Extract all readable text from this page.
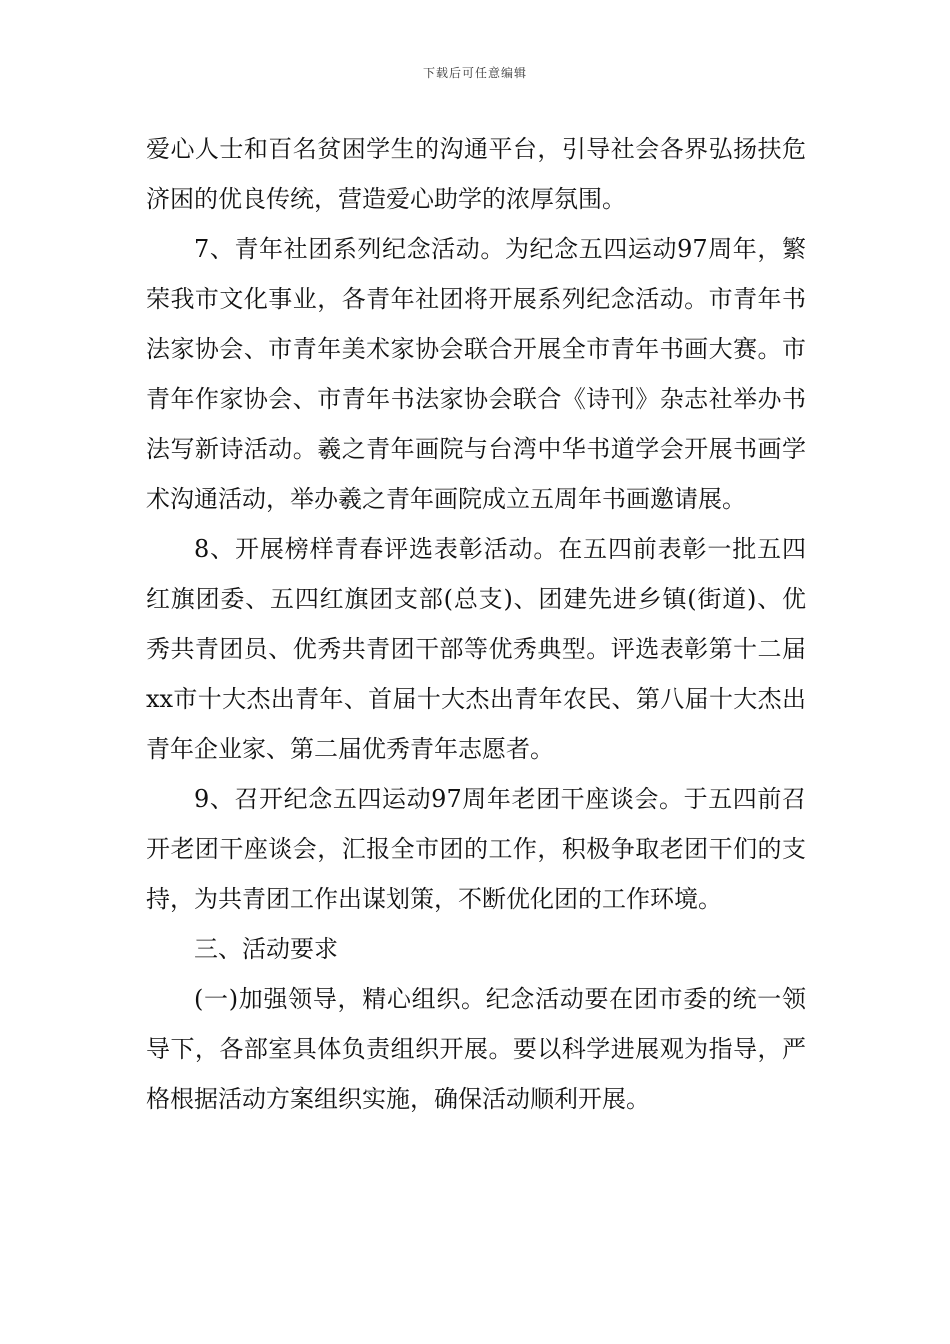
下载后可任意编辑

爱心人士和百名贫困学生的沟通平台，引导社会各界弘扬扶危济困的优良传统，营造爱心助学的浓厚氛围。

7、青年社团系列纪念活动。为纪念五四运动97周年，繁荣我市文化事业，各青年社团将开展系列纪念活动。市青年书法家协会、市青年美术家协会联合开展全市青年书画大赛。市青年作家协会、市青年书法家协会联合《诗刊》杂志社举办书法写新诗活动。羲之青年画院与台湾中华书道学会开展书画学术沟通活动，举办羲之青年画院成立五周年书画邀请展。

8、开展榜样青春评选表彰活动。在五四前表彰一批五四红旗团委、五四红旗团支部(总支)、团建先进乡镇(街道)、优秀共青团员、优秀共青团干部等优秀典型。评选表彰第十二届xx市十大杰出青年、首届十大杰出青年农民、第八届十大杰出青年企业家、第二届优秀青年志愿者。

9、召开纪念五四运动97周年老团干座谈会。于五四前召开老团干座谈会，汇报全市团的工作，积极争取老团干们的支持，为共青团工作出谋划策，不断优化团的工作环境。

三、活动要求

(一)加强领导，精心组织。纪念活动要在团市委的统一领导下，各部室具体负责组织开展。要以科学进展观为指导，严格根据活动方案组织实施，确保活动顺利开展。
